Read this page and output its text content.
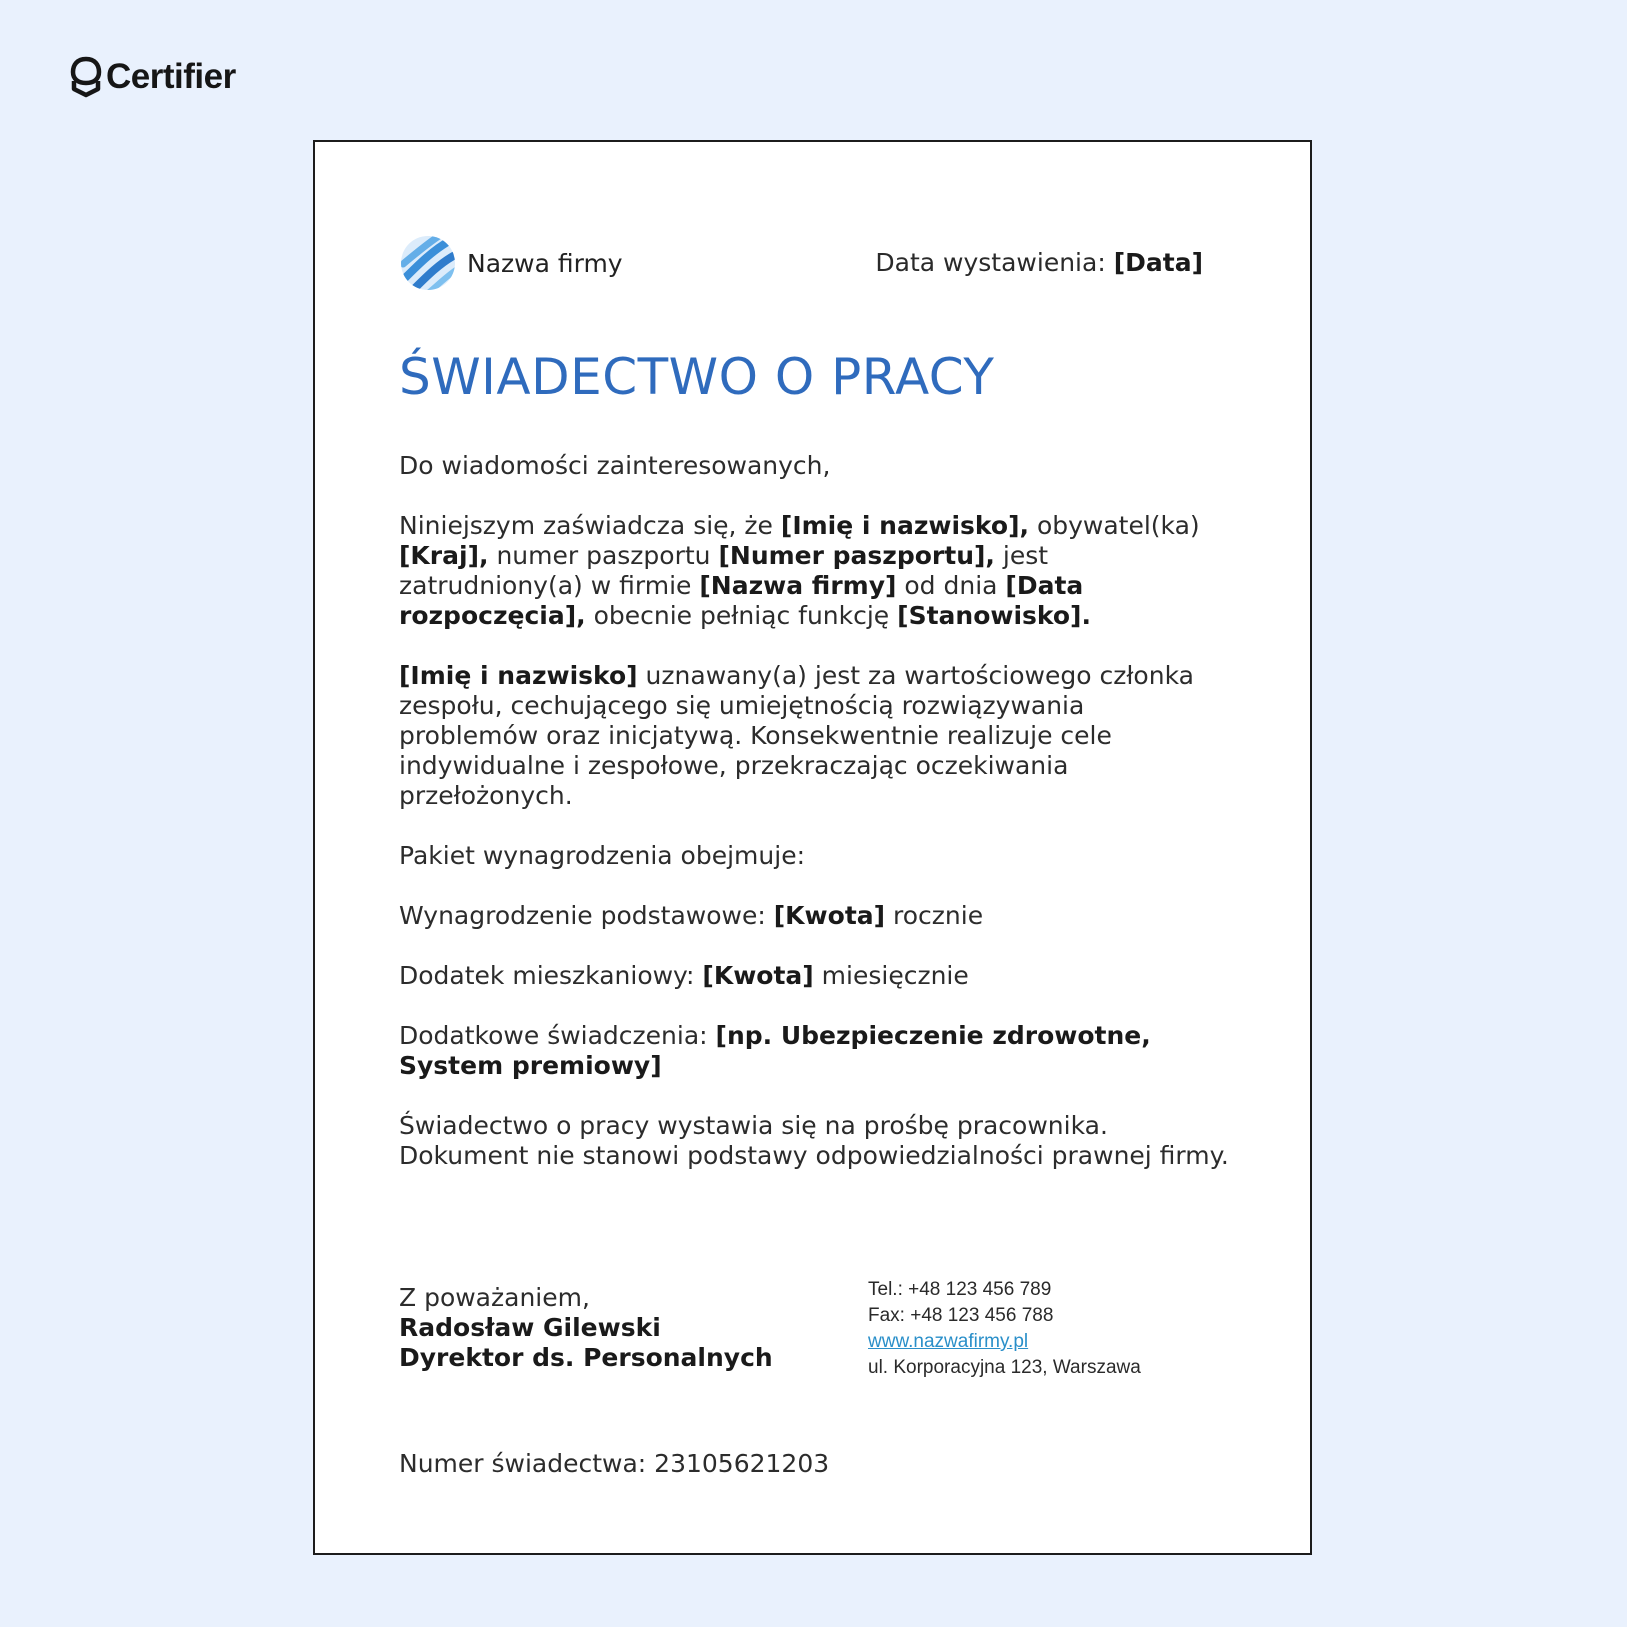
Certifier
Nazwa firmy	Data wystawienia: [Data]
ŚWIADECTWO O PRACY

Do wiadomości zainteresowanych,

Niniejszym zaświadcza się, że [Imię i nazwisko], obywatel(ka) [Kraj], numer paszportu [Numer paszportu], jest zatrudniony(a) w firmie [Nazwa firmy] od dnia [Data rozpoczęcia], obecnie pełniąc funkcję [Stanowisko].

[Imię i nazwisko] uznawany(a) jest za wartościowego członka zespołu, cechującego się umiejętnością rozwiązywania problemów oraz inicjatywą. Konsekwentnie realizuje cele indywidualne i zespołowe, przekraczając oczekiwania przełożonych.

Pakiet wynagrodzenia obejmuje:

Wynagrodzenie podstawowe: [Kwota] rocznie

Dodatek mieszkaniowy: [Kwota] miesięcznie

Dodatkowe świadczenia: [np. Ubezpieczenie zdrowotne, System premiowy]

Świadectwo o pracy wystawia się na prośbę pracownika. Dokument nie stanowi podstawy odpowiedzialności prawnej firmy.

Z poważaniem,
Radosław Gilewski
Dyrektor ds. Personalnych
Tel.: +48 123 456 789
Fax: +48 123 456 788
www.nazwafirmy.pl
ul. Korporacyjna 123, Warszawa
Numer świadectwa: 23105621203
